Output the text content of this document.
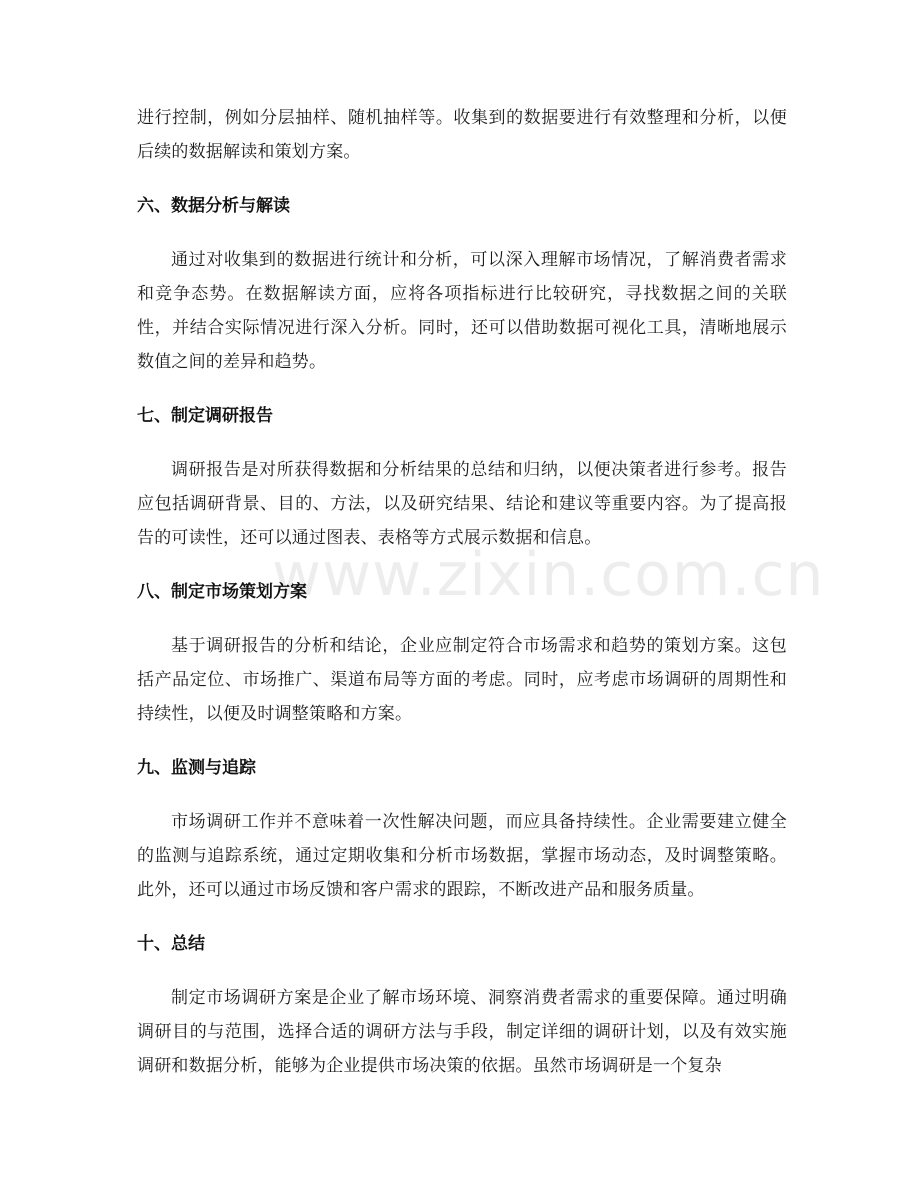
进行控制，例如分层抽样、随机抽样等。收集到的数据要进行有效整理和分析，以便后续的数据解读和策划方案。

六、数据分析与解读

通过对收集到的数据进行统计和分析，可以深入理解市场情况，了解消费者需求和竞争态势。在数据解读方面，应将各项指标进行比较研究，寻找数据之间的关联性，并结合实际情况进行深入分析。同时，还可以借助数据可视化工具，清晰地展示数值之间的差异和趋势。

七、制定调研报告

调研报告是对所获得数据和分析结果的总结和归纳，以便决策者进行参考。报告应包括调研背景、目的、方法，以及研究结果、结论和建议等重要内容。为了提高报告的可读性，还可以通过图表、表格等方式展示数据和信息。

八、制定市场策划方案

基于调研报告的分析和结论，企业应制定符合市场需求和趋势的策划方案。这包括产品定位、市场推广、渠道布局等方面的考虑。同时，应考虑市场调研的周期性和持续性，以便及时调整策略和方案。

九、监测与追踪

市场调研工作并不意味着一次性解决问题，而应具备持续性。企业需要建立健全的监测与追踪系统，通过定期收集和分析市场数据，掌握市场动态，及时调整策略。此外，还可以通过市场反馈和客户需求的跟踪，不断改进产品和服务质量。

十、总结

制定市场调研方案是企业了解市场环境、洞察消费者需求的重要保障。通过明确调研目的与范围，选择合适的调研方法与手段，制定详细的调研计划，以及有效实施调研和数据分析，能够为企业提供市场决策的依据。虽然市场调研是一个复杂

www.zixin.com.cn
